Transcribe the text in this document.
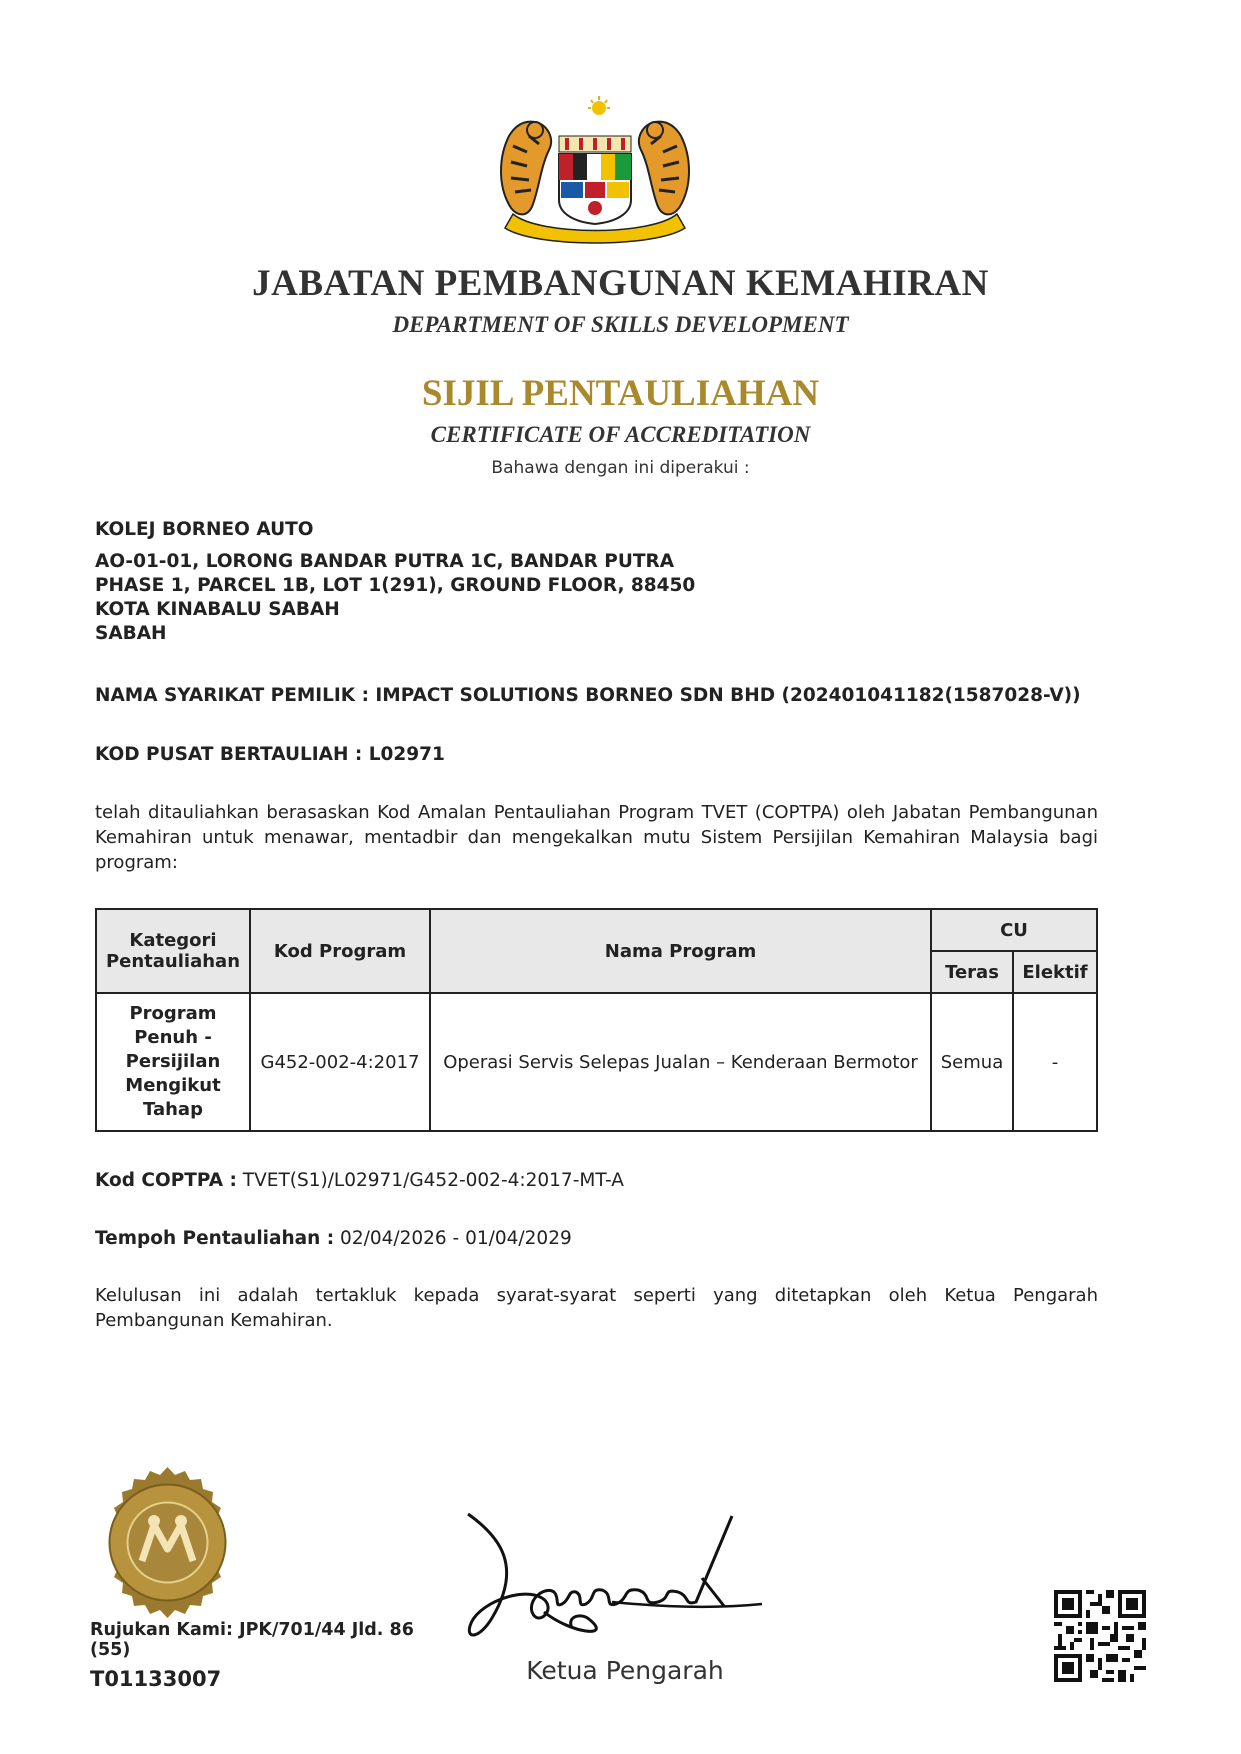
JABATAN PEMBANGUNAN KEMAHIRAN
DEPARTMENT OF SKILLS DEVELOPMENT
SIJIL PENTAULIAHAN
CERTIFICATE OF ACCREDITATION
Bahawa dengan ini diperakui :
KOLEJ BORNEO AUTO
AO-01-01, LORONG BANDAR PUTRA 1C, BANDAR PUTRA
PHASE 1, PARCEL 1B, LOT 1(291), GROUND FLOOR, 88450
KOTA KINABALU SABAH
SABAH
NAMA SYARIKAT PEMILIK : IMPACT SOLUTIONS BORNEO SDN BHD (202401041182(1587028-V))
KOD PUSAT BERTAULIAH : L02971
telah ditauliahkan berasaskan Kod Amalan Pentauliahan Program TVET (COPTPA) oleh Jabatan Pembangunan Kemahiran untuk menawar, mentadbir dan mengekalkan mutu Sistem Persijilan Kemahiran Malaysia bagi program:
Kategori Pentauliahan	Kod Program	Nama Program	CU	
			Teras	Elektif
Program Penuh - Persijilan Mengikut Tahap	G452-002-4:2017	Operasi Servis Selepas Jualan – Kenderaan Bermotor	Semua	-
Kod COPTPA : TVET(S1)/L02971/G452-002-4:2017-MT-A
Tempoh Pentauliahan : 02/04/2026 - 01/04/2029
Kelulusan ini adalah tertakluk kepada syarat-syarat seperti yang ditetapkan oleh Ketua Pengarah Pembangunan Kemahiran.
Ketua Pengarah
Rujukan Kami: JPK/701/44 Jld. 86 (55)
T01133007
